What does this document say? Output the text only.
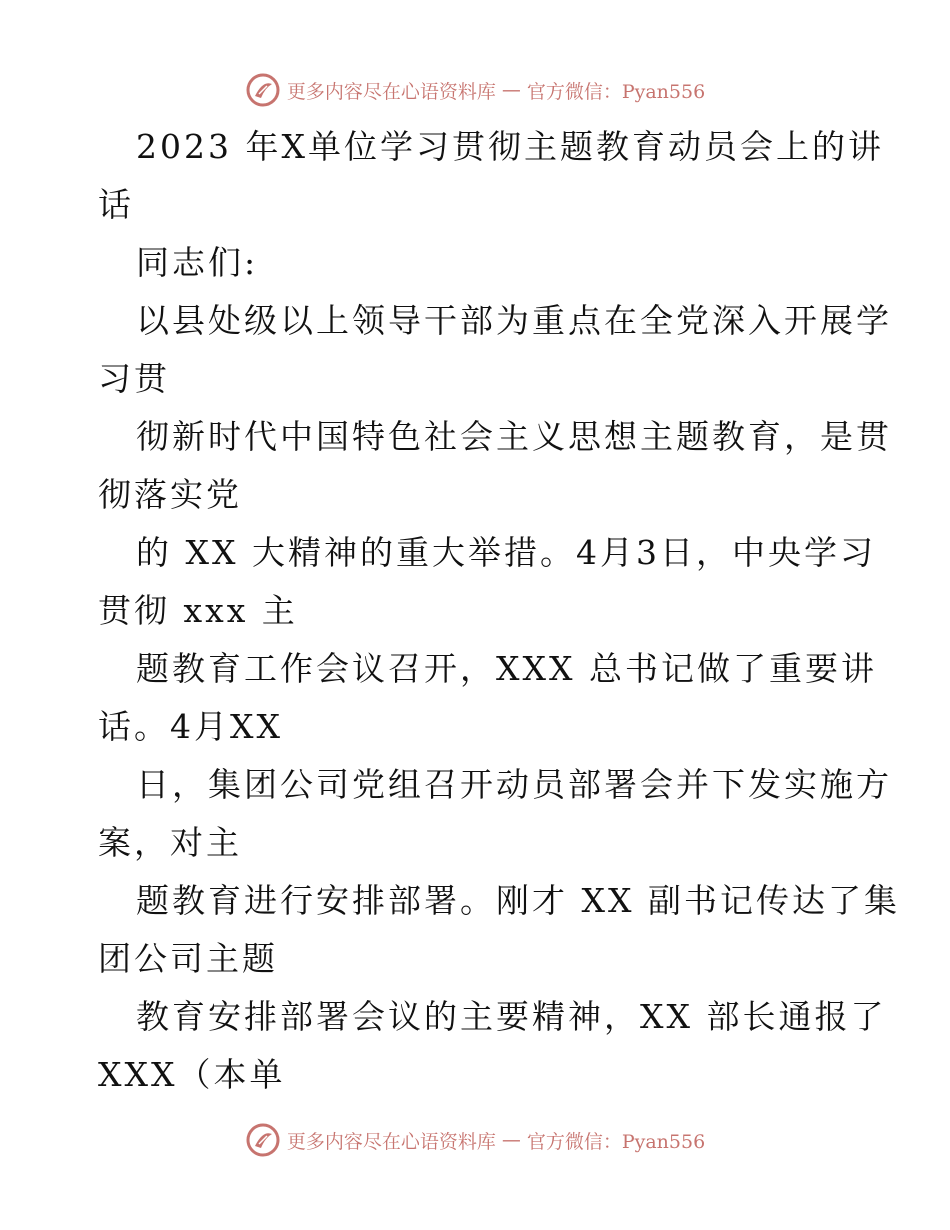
更多内容尽在心语资料库 — 官方微信：Pyan556
2023 年X单位学习贯彻主题教育动员会上的讲
话
同志们:
以县处级以上领导干部为重点在全党深入开展学
习贯
彻新时代中国特色社会主义思想主题教育，是贯
彻落实党
的 XX 大精神的重大举措。4月3日，中央学习
贯彻 xxx 主
题教育工作会议召开，XXX 总书记做了重要讲
话。4月XX
日，集团公司党组召开动员部署会并下发实施方
案，对主
题教育进行安排部署。刚才 XX 副书记传达了集
团公司主题
教育安排部署会议的主要精神，XX 部长通报了
XXX（本单
更多内容尽在心语资料库 — 官方微信：Pyan556
